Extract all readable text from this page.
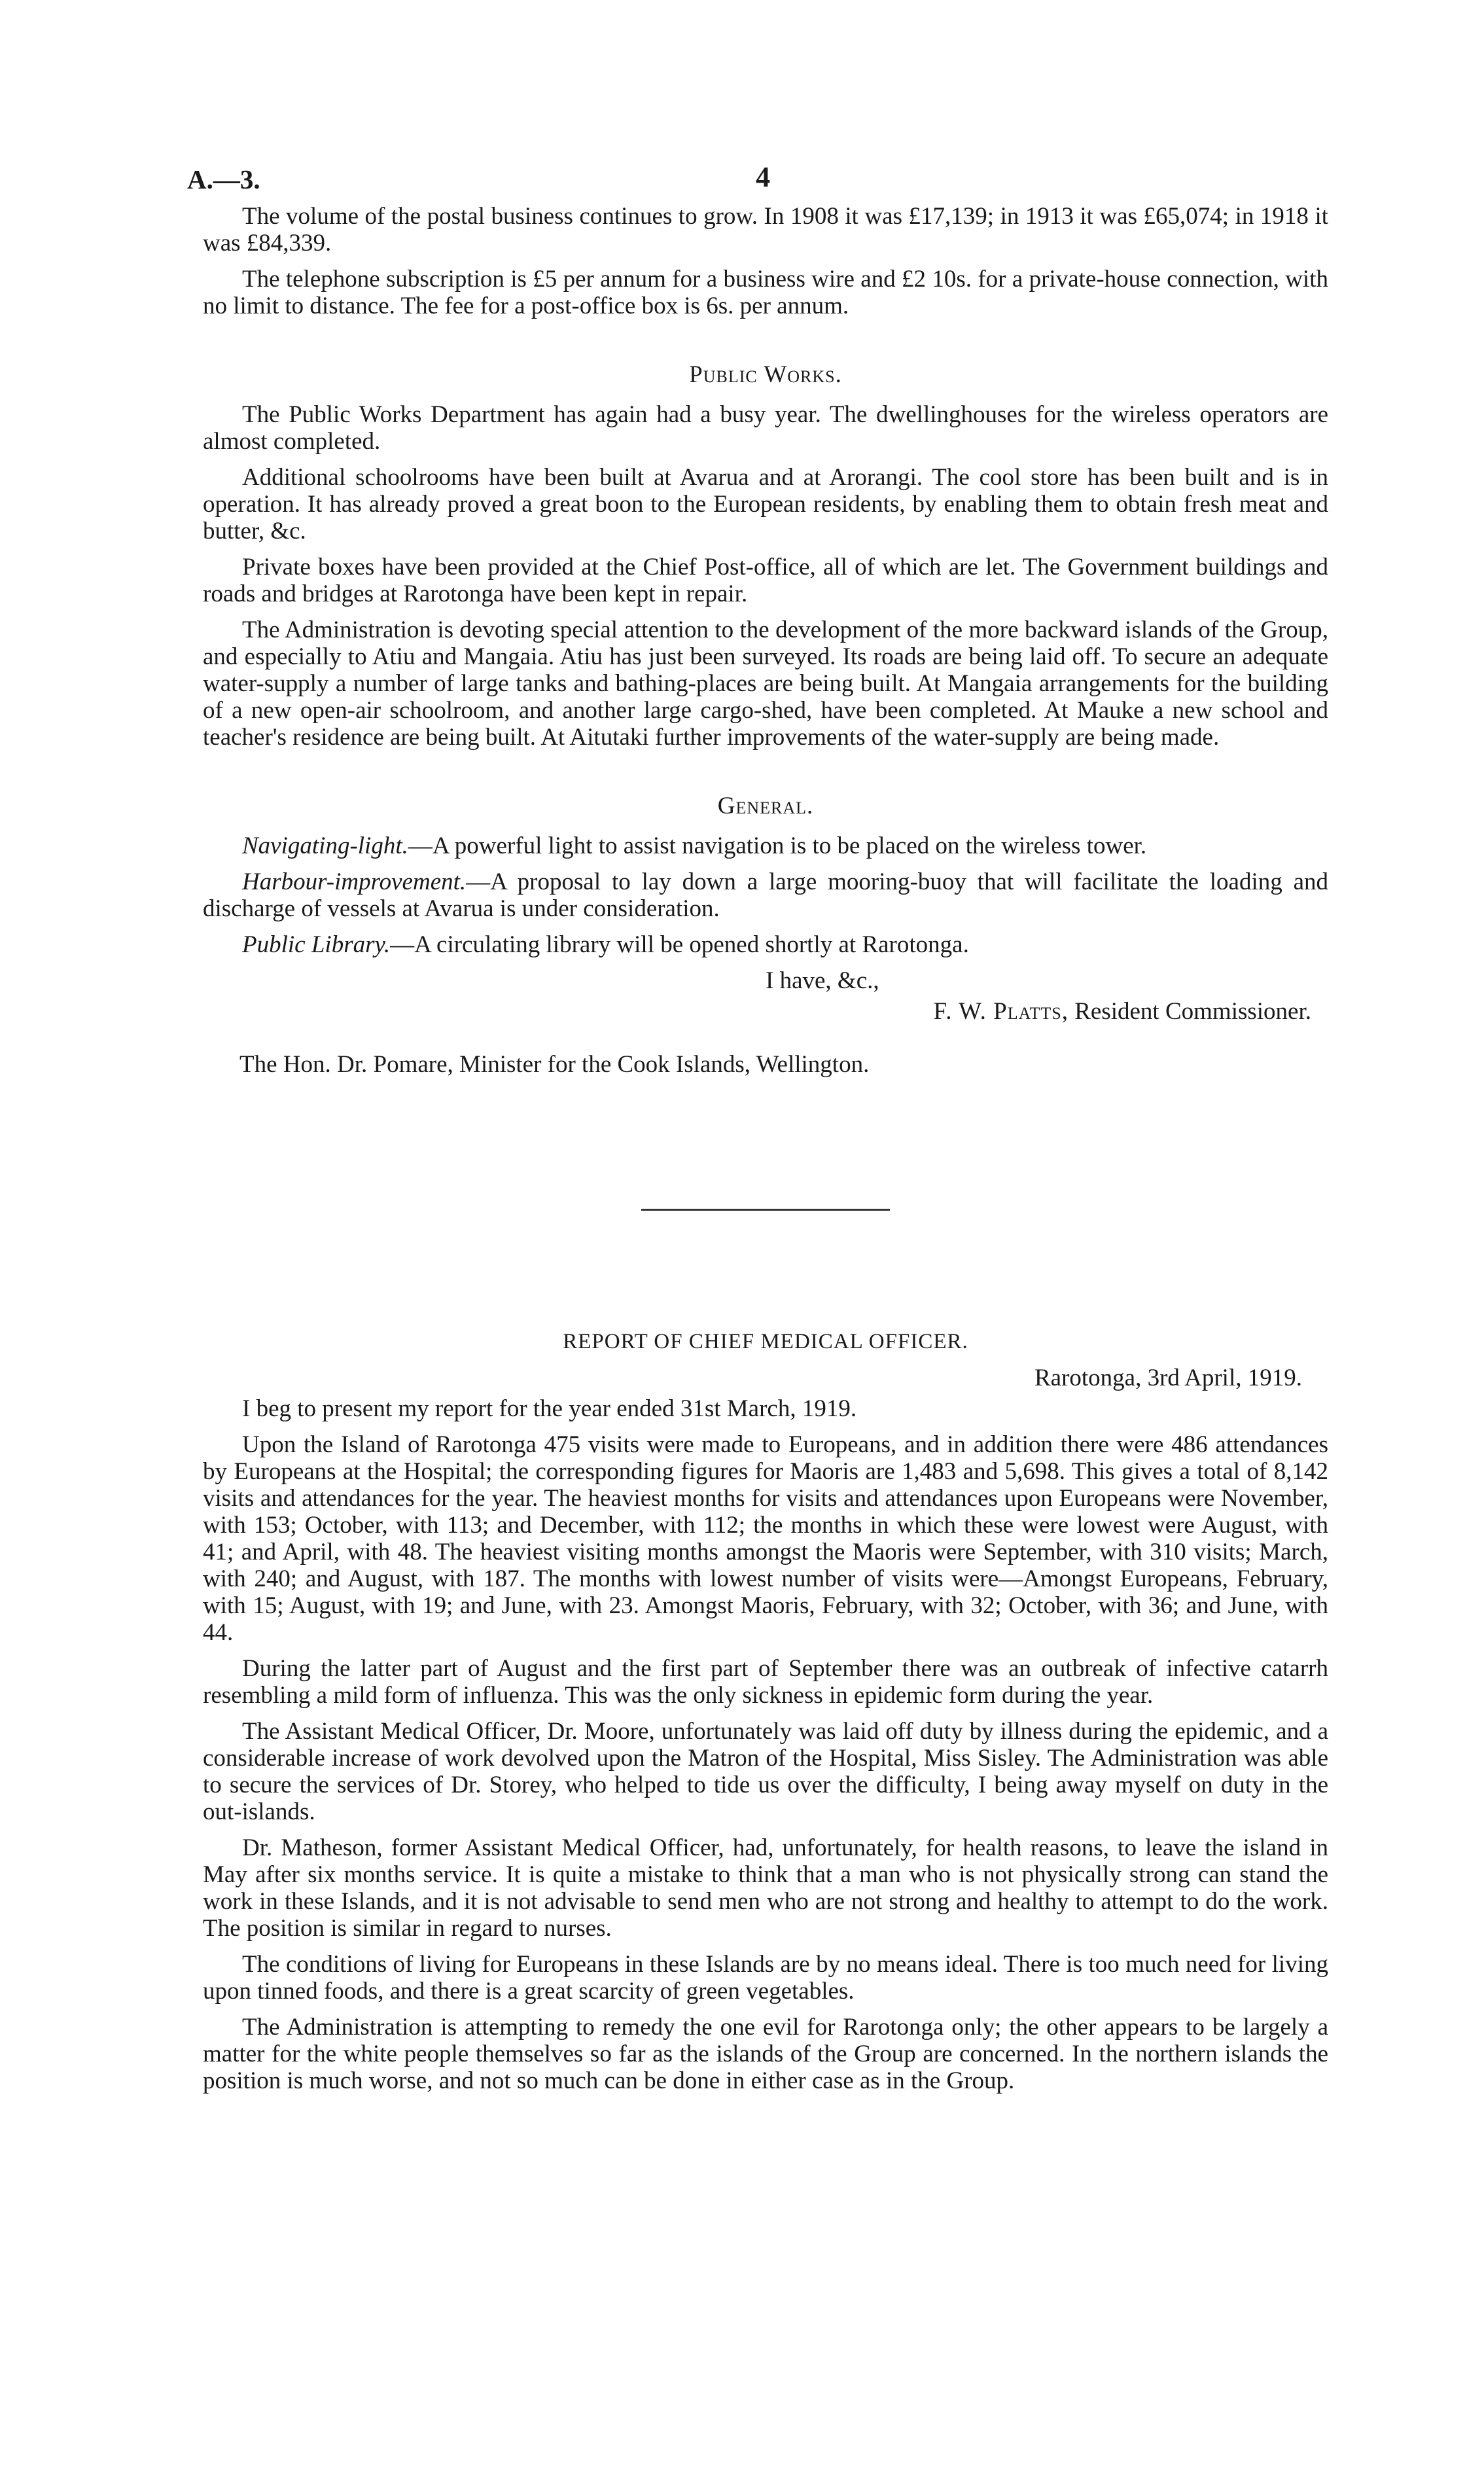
A.—3.	4

The volume of the postal business continues to grow. In 1908 it was £17,139; in 1913 it was £65,074; in 1918 it was £84,339.

The telephone subscription is £5 per annum for a business wire and £2 10s. for a private-house connection, with no limit to distance. The fee for a post-office box is 6s. per annum.

Public Works.

The Public Works Department has again had a busy year. The dwellinghouses for the wireless operators are almost completed.

Additional schoolrooms have been built at Avarua and at Arorangi. The cool store has been built and is in operation. It has already proved a great boon to the European residents, by enabling them to obtain fresh meat and butter, &c.

Private boxes have been provided at the Chief Post-office, all of which are let. The Government buildings and roads and bridges at Rarotonga have been kept in repair.

The Administration is devoting special attention to the development of the more backward islands of the Group, and especially to Atiu and Mangaia. Atiu has just been surveyed. Its roads are being laid off. To secure an adequate water-supply a number of large tanks and bathing-places are being built. At Mangaia arrangements for the building of a new open-air schoolroom, and another large cargo-shed, have been completed. At Mauke a new school and teacher's residence are being built. At Aitutaki further improvements of the water-supply are being made.

General.

Navigating-light.—A powerful light to assist navigation is to be placed on the wireless tower.

Harbour-improvement.—A proposal to lay down a large mooring-buoy that will facilitate the loading and discharge of vessels at Avarua is under consideration.

Public Library.—A circulating library will be opened shortly at Rarotonga.

I have, &c.,
F. W. Platts, Resident Commissioner.

The Hon. Dr. Pomare, Minister for the Cook Islands, Wellington.

REPORT OF CHIEF MEDICAL OFFICER.
Rarotonga, 3rd April, 1919.

I beg to present my report for the year ended 31st March, 1919.

Upon the Island of Rarotonga 475 visits were made to Europeans, and in addition there were 486 attendances by Europeans at the Hospital; the corresponding figures for Maoris are 1,483 and 5,698. This gives a total of 8,142 visits and attendances for the year. The heaviest months for visits and attendances upon Europeans were November, with 153; October, with 113; and December, with 112; the months in which these were lowest were August, with 41; and April, with 48. The heaviest visiting months amongst the Maoris were September, with 310 visits; March, with 240; and August, with 187. The months with lowest number of visits were—Amongst Europeans, February, with 15; August, with 19; and June, with 23. Amongst Maoris, February, with 32; October, with 36; and June, with 44.

During the latter part of August and the first part of September there was an outbreak of infective catarrh resembling a mild form of influenza. This was the only sickness in epidemic form during the year.

The Assistant Medical Officer, Dr. Moore, unfortunately was laid off duty by illness during the epidemic, and a considerable increase of work devolved upon the Matron of the Hospital, Miss Sisley. The Administration was able to secure the services of Dr. Storey, who helped to tide us over the difficulty, I being away myself on duty in the out-islands.

Dr. Matheson, former Assistant Medical Officer, had, unfortunately, for health reasons, to leave the island in May after six months service. It is quite a mistake to think that a man who is not physically strong can stand the work in these Islands, and it is not advisable to send men who are not strong and healthy to attempt to do the work. The position is similar in regard to nurses.

The conditions of living for Europeans in these Islands are by no means ideal. There is too much need for living upon tinned foods, and there is a great scarcity of green vegetables.

The Administration is attempting to remedy the one evil for Rarotonga only; the other appears to be largely a matter for the white people themselves so far as the islands of the Group are concerned. In the northern islands the position is much worse, and not so much can be done in either case as in the Group.
